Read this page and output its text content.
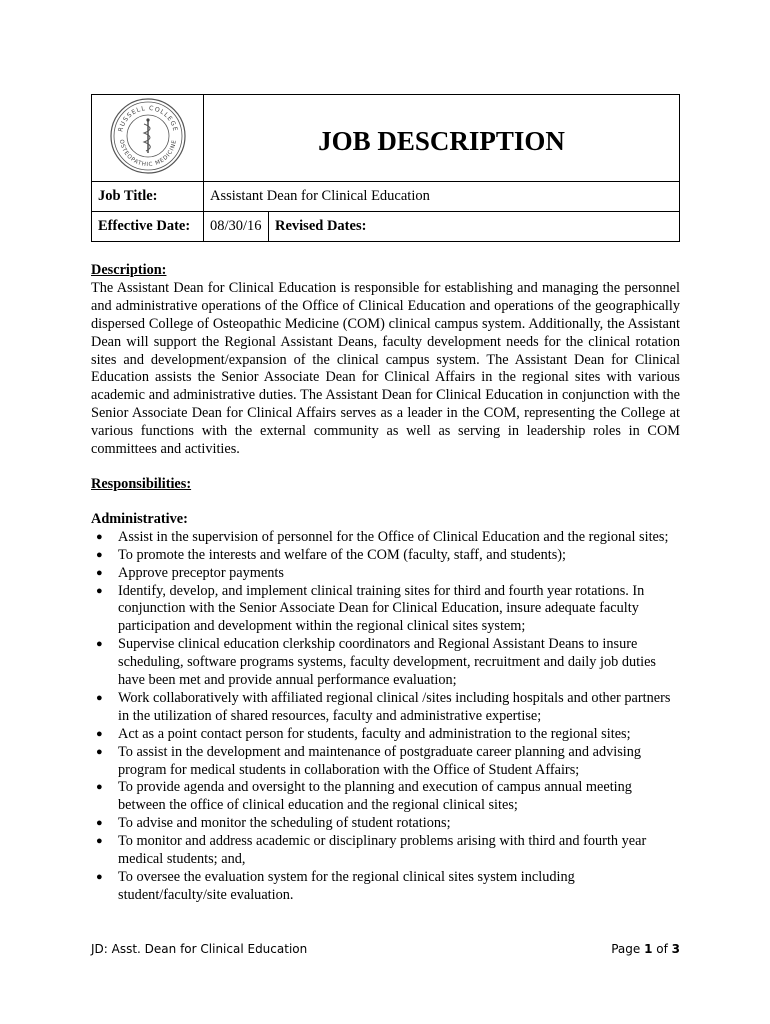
RUSSELL COLLEGE
OSTEOPATHIC MEDICINE	JOB DESCRIPTION
Job Title:	Assistant Dean for Clinical Education
Effective Date:	08/30/16	Revised Dates:
Description:

The Assistant Dean for Clinical Education is responsible for establishing and managing the personnel and administrative operations of the Office of Clinical Education and operations of the geographically dispersed College of Osteopathic Medicine (COM) clinical campus system. Additionally, the Assistant Dean will support the Regional Assistant Deans, faculty development needs for the clinical rotation sites and development/expansion of the clinical campus system. The Assistant Dean for Clinical Education assists the Senior Associate Dean for Clinical Affairs in the regional sites with various academic and administrative duties. The Assistant Dean for Clinical Education in conjunction with the Senior Associate Dean for Clinical Affairs serves as a leader in the COM, representing the College at various functions with the external community as well as serving in leadership roles in COM committees and activities.

Responsibilities:
Administrative:
● Assist in the supervision of personnel for the Office of Clinical Education and the regional sites;
● To promote the interests and welfare of the COM (faculty, staff, and students);
● Approve preceptor payments
● Identify, develop, and implement clinical training sites for third and fourth year rotations. In conjunction with the Senior Associate Dean for Clinical Education, insure adequate faculty participation and development within the regional clinical sites system;
● Supervise clinical education clerkship coordinators and Regional Assistant Deans to insure scheduling, software programs systems, faculty development, recruitment and daily job duties have been met and provide annual performance evaluation;
● Work collaboratively with affiliated regional clinical /sites including hospitals and other partners in the utilization of shared resources, faculty and administrative expertise;
● Act as a point contact person for students, faculty and administration to the regional sites;
● To assist in the development and maintenance of postgraduate career planning and advising program for medical students in collaboration with the Office of Student Affairs;
● To provide agenda and oversight to the planning and execution of campus annual meeting between the office of clinical education and the regional clinical sites;
● To advise and monitor the scheduling of student rotations;
● To monitor and address academic or disciplinary problems arising with third and fourth year medical students; and,
● To oversee the evaluation system for the regional clinical sites system including student/faculty/site evaluation.
JD: Asst. Dean for Clinical Education	Page 1 of 3
